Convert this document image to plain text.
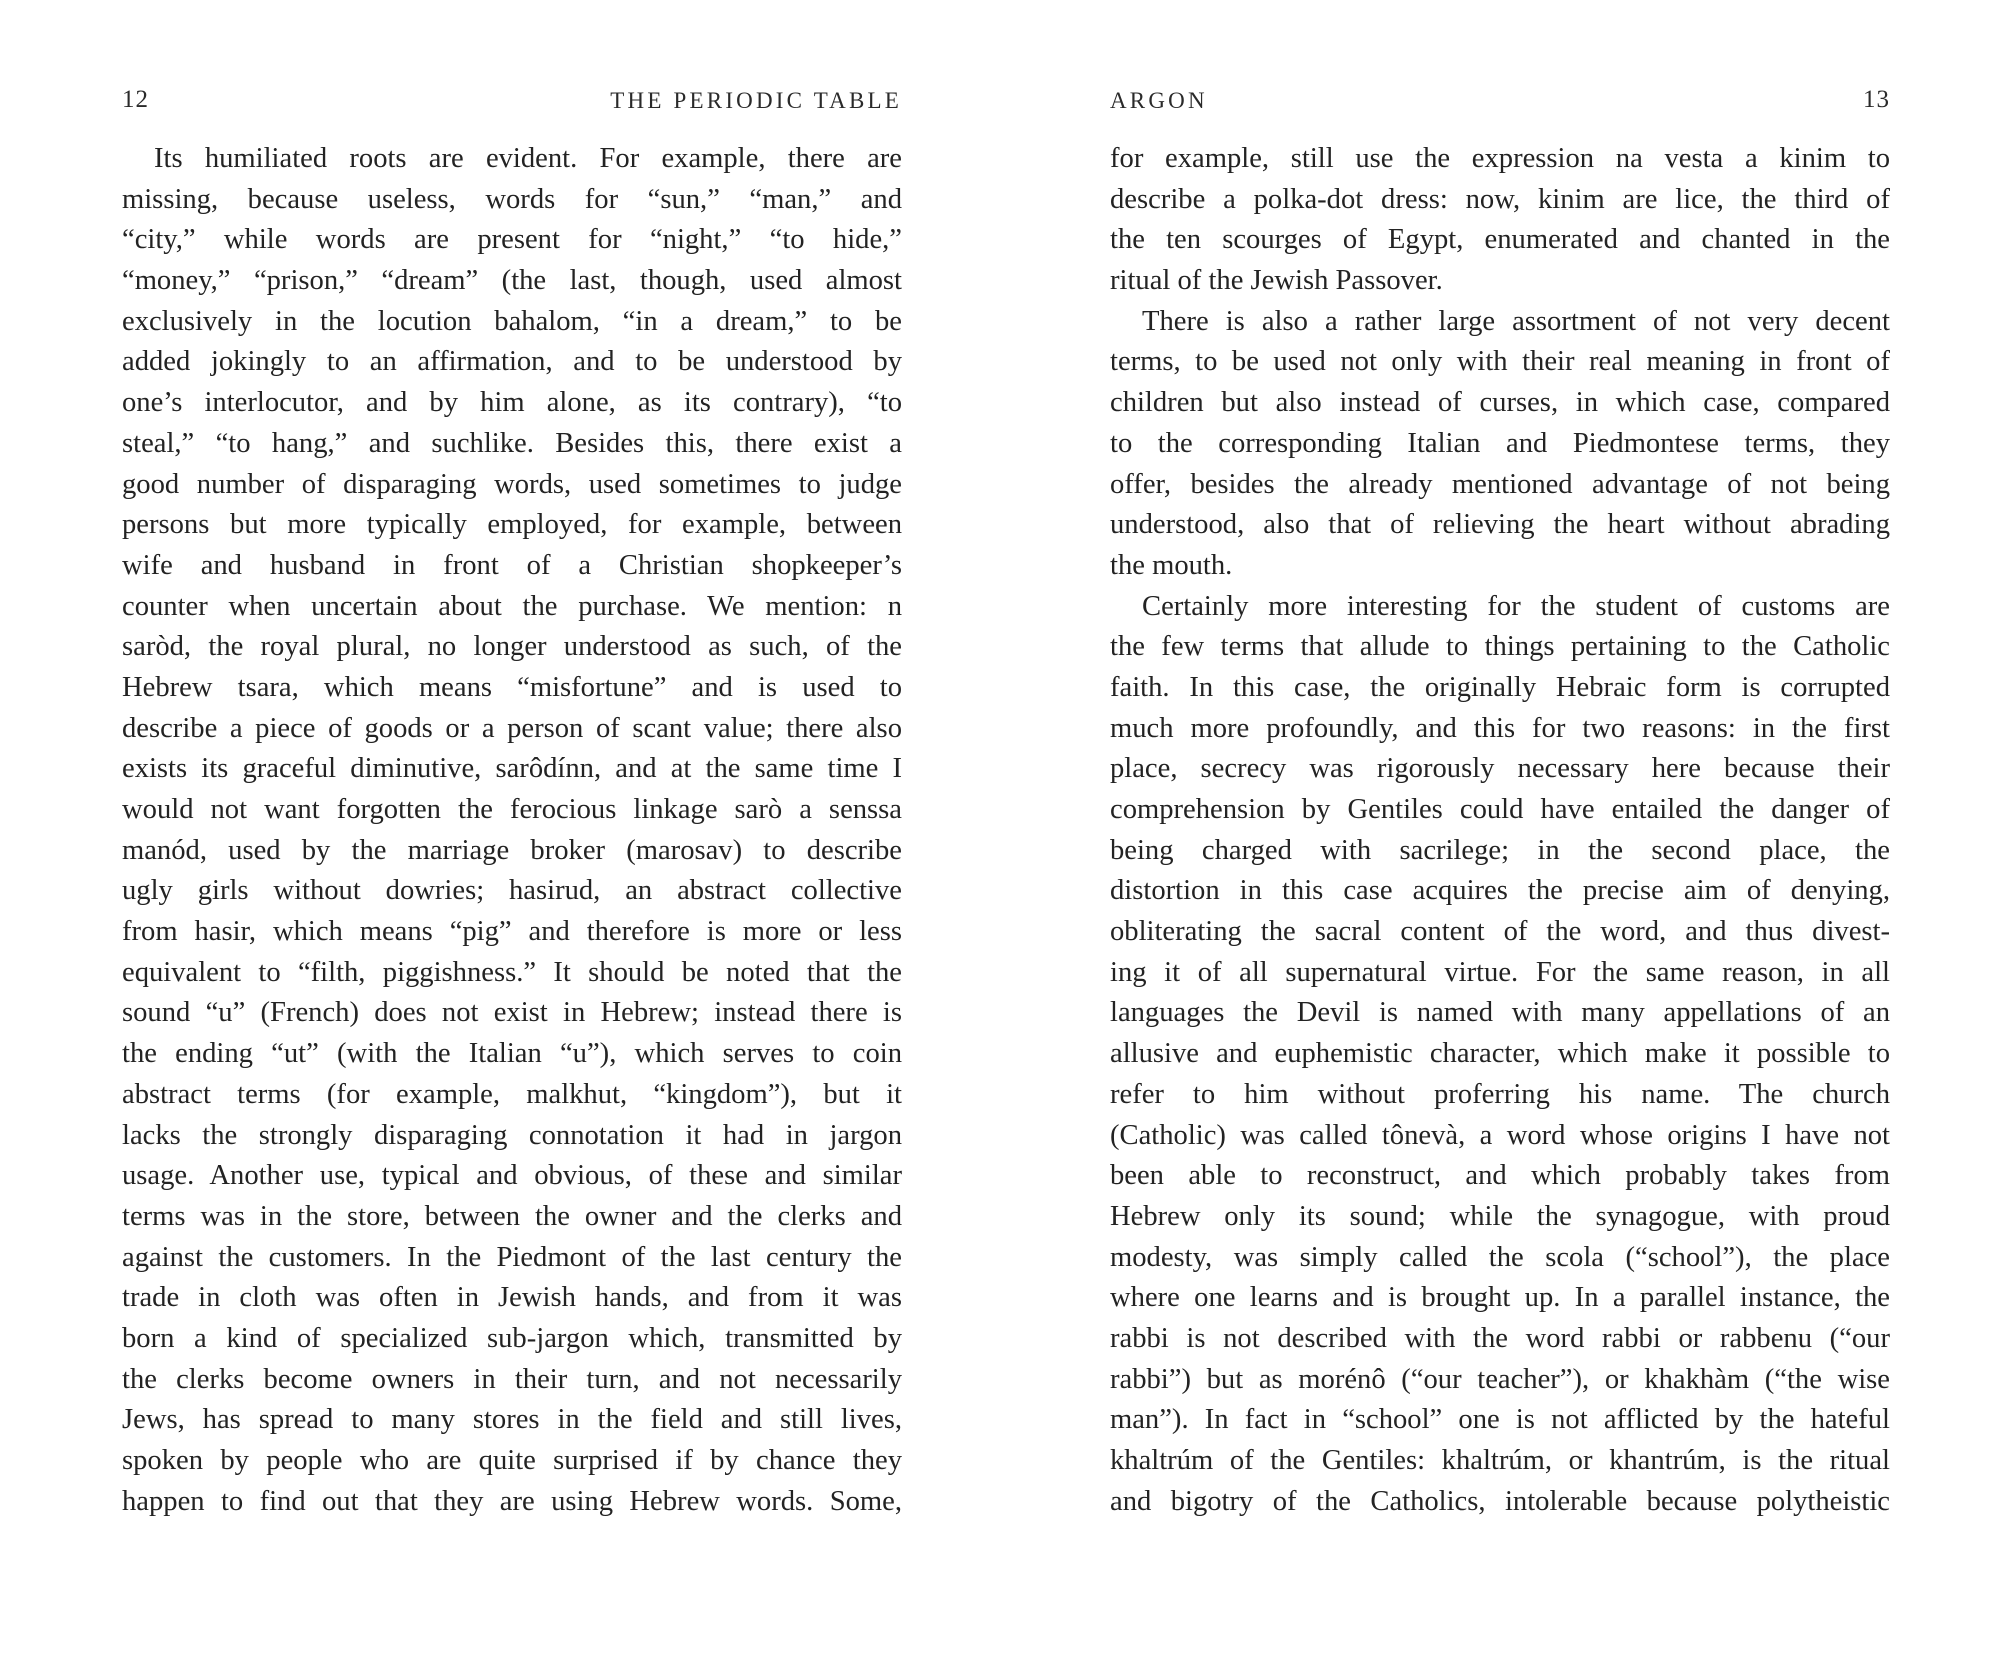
12	THE PERIODIC TABLE
Its humiliated roots are evident. For example, there are
missing, because useless, words for “sun,” “man,” and
“city,” while words are present for “night,” “to hide,”
“money,” “prison,” “dream” (the last, though, used almost
exclusively in the locution bahalom, “in a dream,” to be
added jokingly to an affirmation, and to be understood by
one’s interlocutor, and by him alone, as its contrary), “to
steal,” “to hang,” and suchlike. Besides this, there exist a
good number of disparaging words, used sometimes to judge
persons but more typically employed, for example, between
wife and husband in front of a Christian shopkeeper’s
counter when uncertain about the purchase. We mention: n
saròd, the royal plural, no longer understood as such, of the
Hebrew tsara, which means “misfortune” and is used to
describe a piece of goods or a person of scant value; there also
exists its graceful diminutive, sarôdínn, and at the same time I
would not want forgotten the ferocious linkage sarò a senssa
manód, used by the marriage broker (marosav) to describe
ugly girls without dowries; hasirud, an abstract collective
from hasir, which means “pig” and therefore is more or less
equivalent to “filth, piggishness.” It should be noted that the
sound “u” (French) does not exist in Hebrew; instead there is
the ending “ut” (with the Italian “u”), which serves to coin
abstract terms (for example, malkhut, “kingdom”), but it
lacks the strongly disparaging connotation it had in jargon
usage. Another use, typical and obvious, of these and similar
terms was in the store, between the owner and the clerks and
against the customers. In the Piedmont of the last century the
trade in cloth was often in Jewish hands, and from it was
born a kind of specialized sub-jargon which, transmitted by
the clerks become owners in their turn, and not necessarily
Jews, has spread to many stores in the field and still lives,
spoken by people who are quite surprised if by chance they
happen to find out that they are using Hebrew words. Some,
ARGON	13
for example, still use the expression na vesta a kinim to
describe a polka-dot dress: now, kinim are lice, the third of
the ten scourges of Egypt, enumerated and chanted in the
ritual of the Jewish Passover.
There is also a rather large assortment of not very decent
terms, to be used not only with their real meaning in front of
children but also instead of curses, in which case, compared
to the corresponding Italian and Piedmontese terms, they
offer, besides the already mentioned advantage of not being
understood, also that of relieving the heart without abrading
the mouth.
Certainly more interesting for the student of customs are
the few terms that allude to things pertaining to the Catholic
faith. In this case, the originally Hebraic form is corrupted
much more profoundly, and this for two reasons: in the first
place, secrecy was rigorously necessary here because their
comprehension by Gentiles could have entailed the danger of
being charged with sacrilege; in the second place, the
distortion in this case acquires the precise aim of denying,
obliterating the sacral content of the word, and thus divest-
ing it of all supernatural virtue. For the same reason, in all
languages the Devil is named with many appellations of an
allusive and euphemistic character, which make it possible to
refer to him without proferring his name. The church
(Catholic) was called tônevà, a word whose origins I have not
been able to reconstruct, and which probably takes from
Hebrew only its sound; while the synagogue, with proud
modesty, was simply called the scola (“school”), the place
where one learns and is brought up. In a parallel instance, the
rabbi is not described with the word rabbi or rabbenu (“our
rabbi”) but as morénô (“our teacher”), or khakhàm (“the wise
man”). In fact in “school” one is not afflicted by the hateful
khaltrúm of the Gentiles: khaltrúm, or khantrúm, is the ritual
and bigotry of the Catholics, intolerable because polytheistic
